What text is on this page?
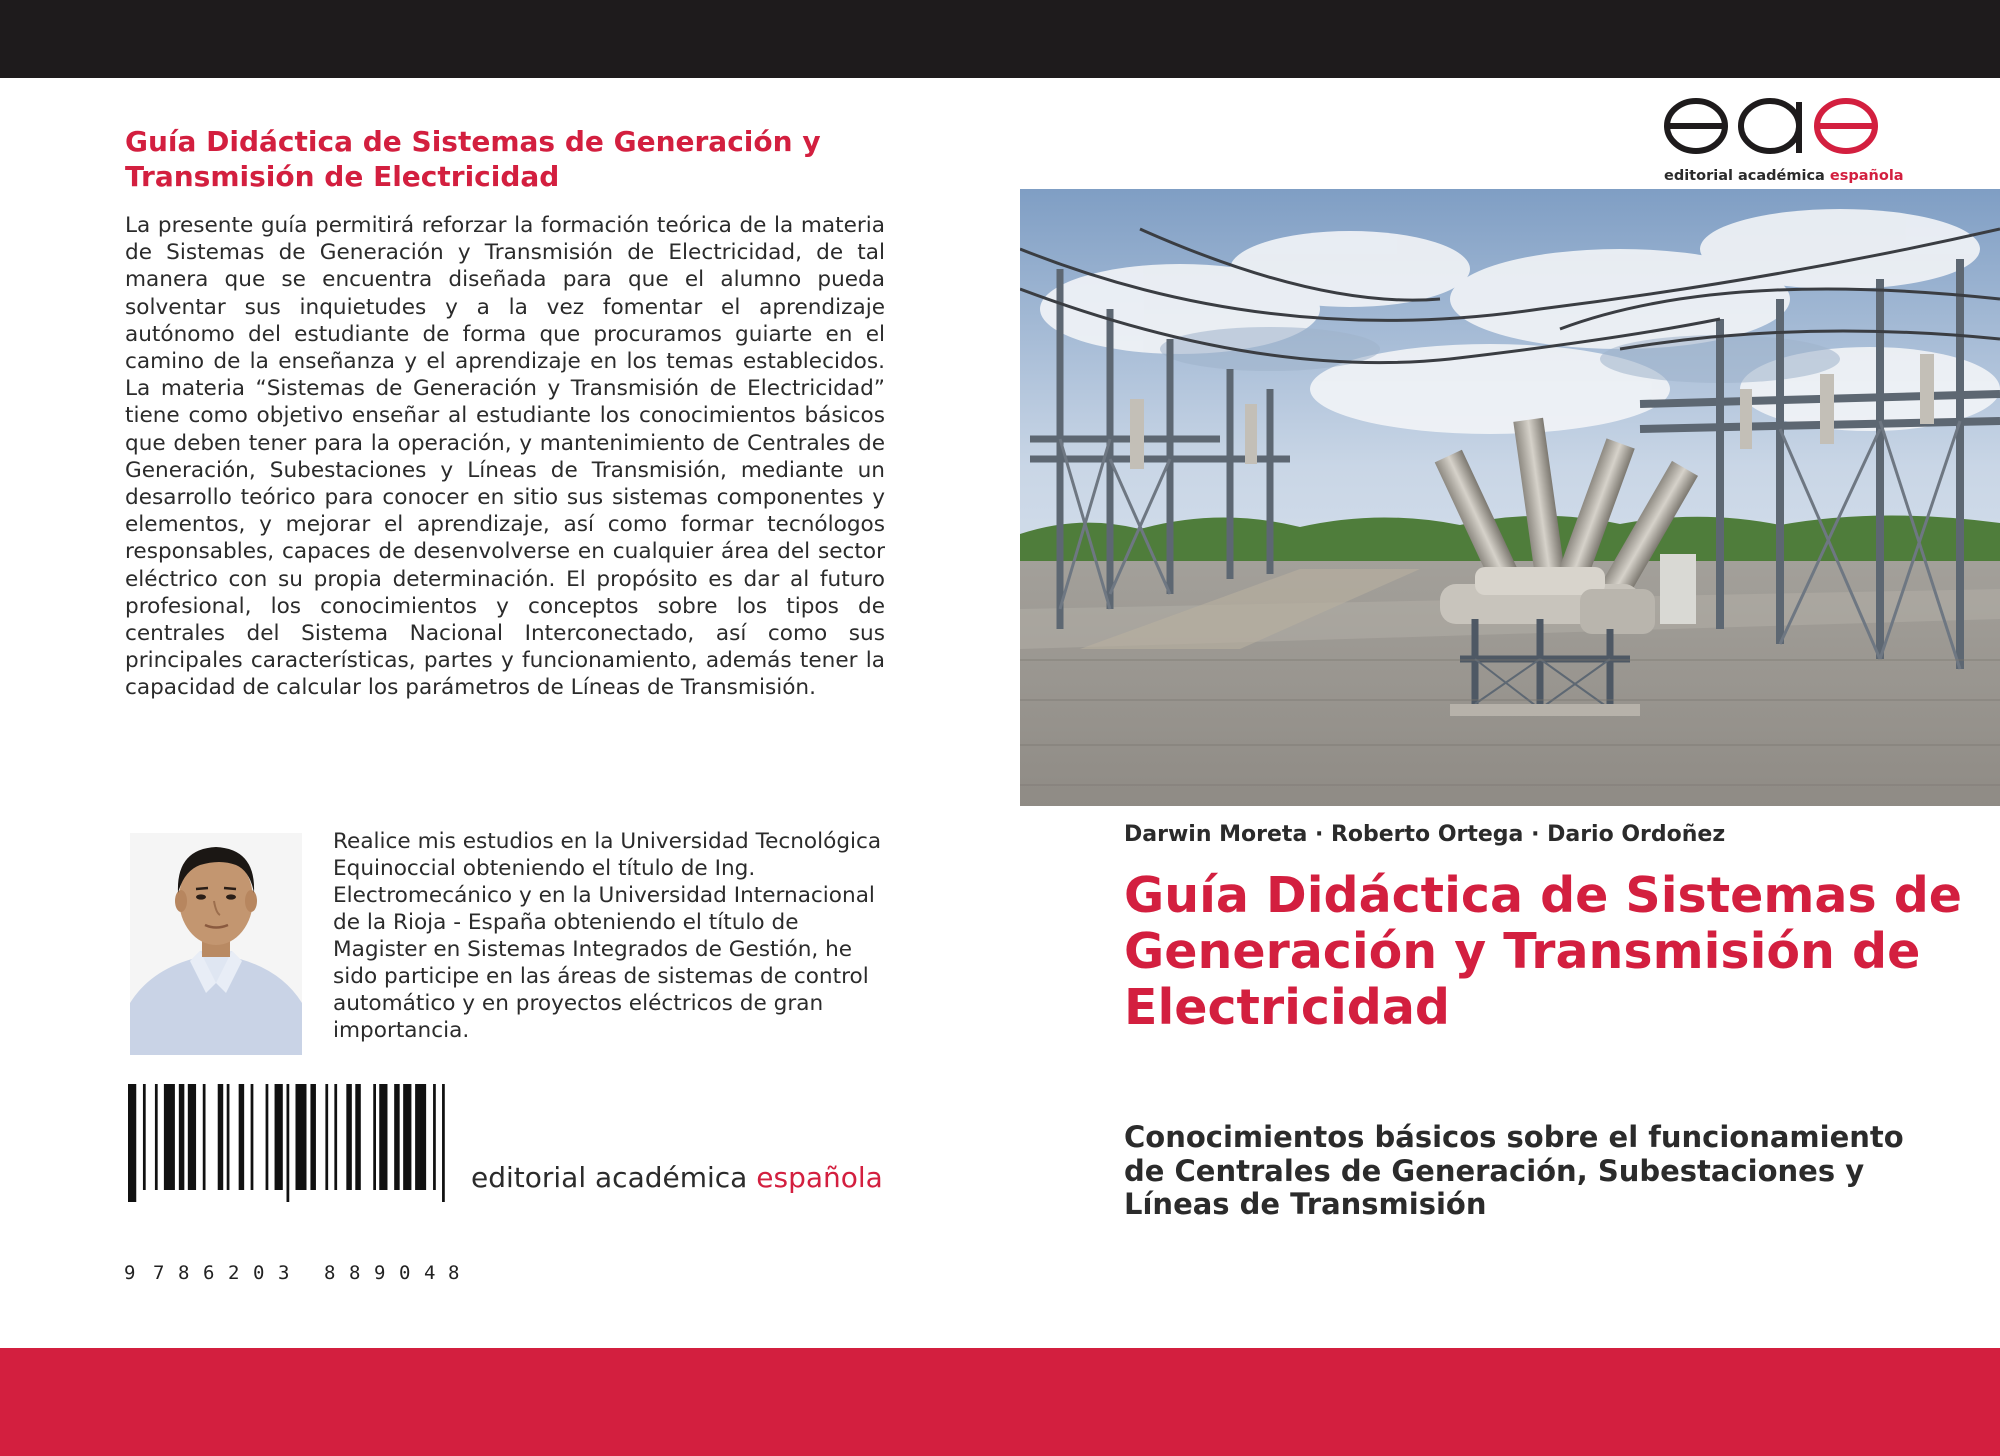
Guía Didáctica de Sistemas de Generación y Transmisión de Electricidad
La presente guía permitirá reforzar la formación teórica de la materia de Sistemas de Generación y Transmisión de Electricidad, de tal manera que se encuentra diseñada para que el alumno pueda solventar sus inquietudes y a la vez fomentar el aprendizaje autónomo del estudiante de forma que procuramos guiarte en el camino de la enseñanza y el aprendizaje en los temas establecidos. La materia “Sistemas de Generación y Transmisión de Electricidad” tiene como objetivo enseñar al estudiante los conocimientos básicos que deben tener para la operación, y mantenimiento de Centrales de Generación, Subestaciones y Líneas de Transmisión, mediante un desarrollo teórico para conocer en sitio sus sistemas componentes y elementos, y mejorar el aprendizaje, así como formar tecnólogos responsables, capaces de desenvolverse en cualquier área del sector eléctrico con su propia determinación. El propósito es dar al futuro profesional, los conocimientos y conceptos sobre los tipos de centrales del Sistema Nacional Interconectado, así como sus principales características, partes y funcionamiento, además tener la capacidad de calcular los parámetros de Líneas de Transmisión.
Realice mis estudios en la Universidad Tecnológica Equinoccial obteniendo el título de Ing. Electromecánico y en la Universidad Internacional de la Rioja - España obteniendo el título de Magister en Sistemas Integrados de Gestión, he sido participe en las áreas de sistemas de control automático y en proyectos eléctricos de gran importancia.
9 7 8 6 2 0 3 8 8 9 0 4 8
editorial académica española
editorial académica española
Darwin Moreta · Roberto Ortega · Dario Ordoñez
Guía Didáctica de Sistemas de Generación y Transmisión de Electricidad
Conocimientos básicos sobre el funcionamiento de Centrales de Generación, Subestaciones y Líneas de Transmisión
